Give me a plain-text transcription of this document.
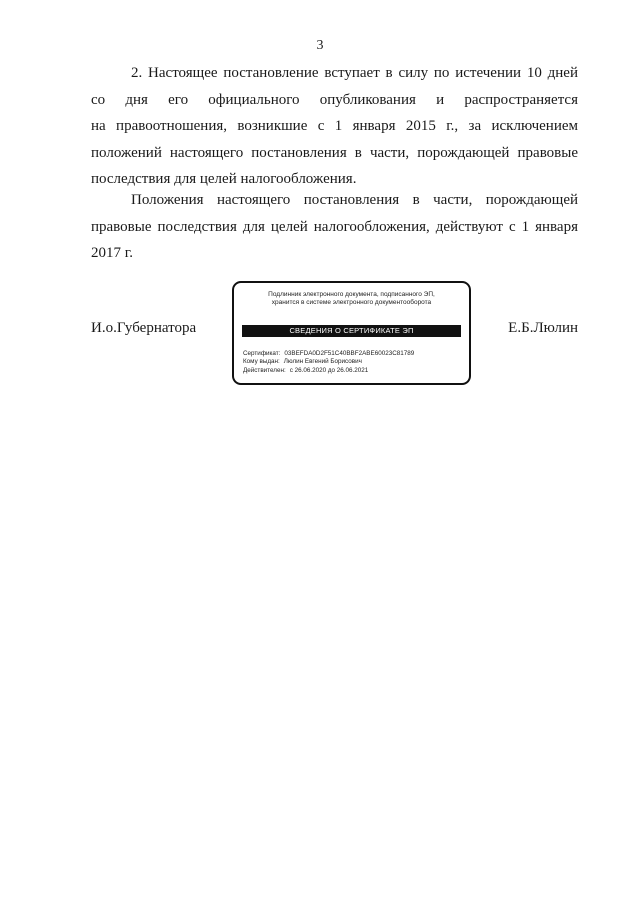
3
2. Настоящее постановление вступает в силу по истечении 10 дней
со дня его официального опубликования и распространяется
на правоотношения, возникшие с 1 января 2015 г., за исключением
положений настоящего постановления в части, порождающей правовые
последствия для целей налогообложения.
Положения настоящего постановления в части, порождающей
правовые последствия для целей налогообложения, действуют с 1 января
2017 г.
И.о.Губернатора	Е.Б.Люлин
Подлинник электронного документа, подписанного ЭП,
хранится в системе электронного документооборота
СВЕДЕНИЯ О СЕРТИФИКАТЕ ЭП
Сертификат: 03BEFDA0D2F51C40BBF2ABE60023C81789
Кому выдан: Люлин Евгений Борисович
Действителен: с 26.06.2020 до 26.06.2021
